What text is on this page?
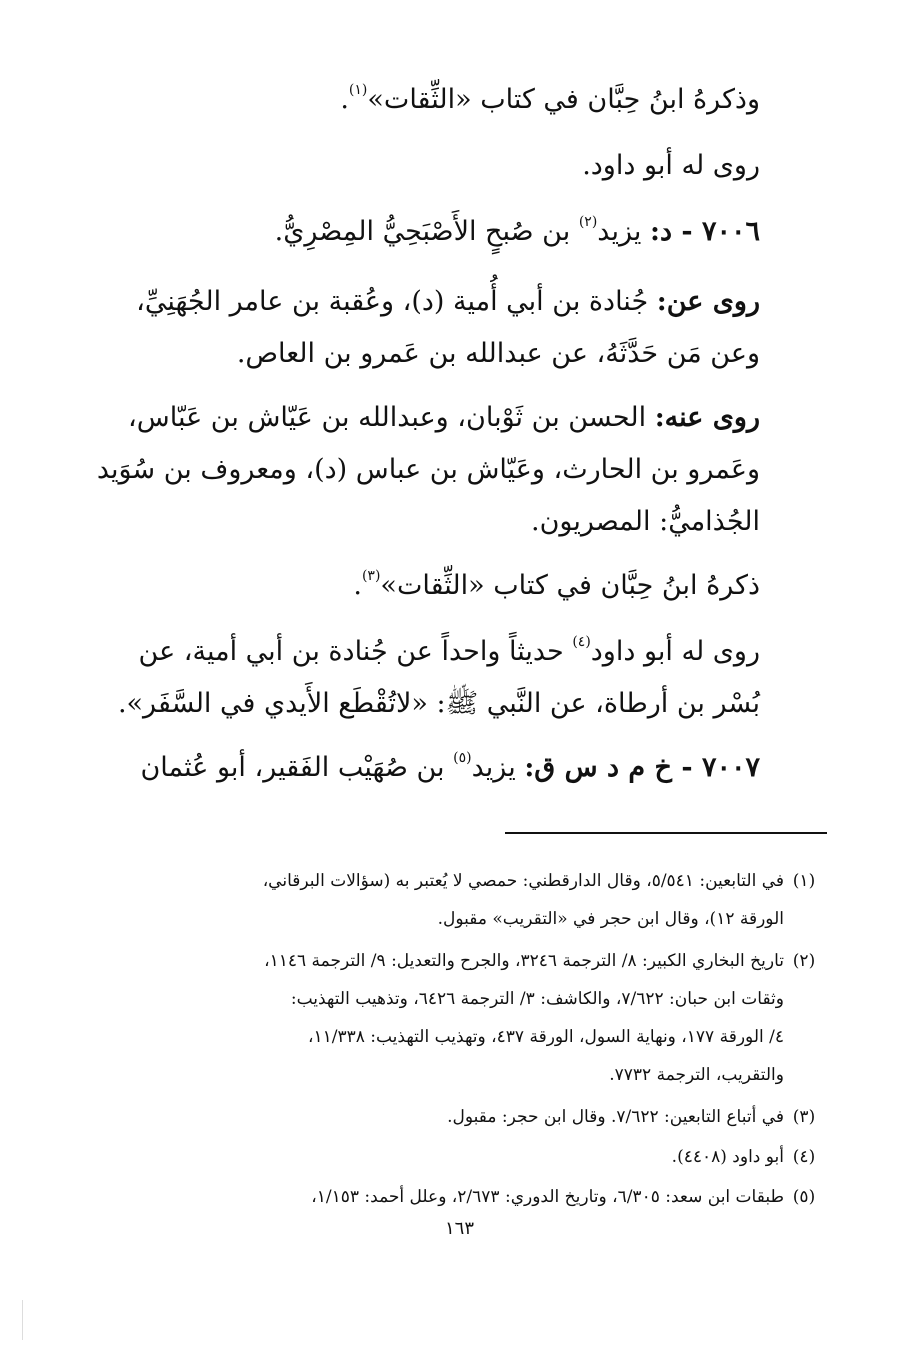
وذكرهُ ابنُ حِبَّان في كتاب «الثِّقات»$^{(١)}$.
روى له أبو داود.
٧٠٠٦ - د: يزيد$^{(٢)}$ بن صُبحٍ الأَصْبَحِيُّ المِصْرِيُّ.
روى عن: جُنادة بن أبي أُمية (د)، وعُقبة بن عامر الجُهَنِيِّ،
وعن مَن حَدَّثَهُ، عن عبدالله بن عَمرو بن العاص.
روى عنه: الحسن بن ثَوْبان، وعبدالله بن عَيّاش بن عَبّاس،
وعَمرو بن الحارث، وعَيّاش بن عباس (د)، ومعروف بن سُوَيد
الجُذاميُّ: المصريون.
ذكرهُ ابنُ حِبَّان في كتاب «الثِّقات»$^{(٣)}$.
روى له أبو داود$^{(٤)}$ حديثاً واحداً عن جُنادة بن أبي أمية، عن
بُسْر بن أرطاة، عن النَّبي ﷺ: «لاتُقْطَع الأَيدي في السَّفَر».
٧٠٠٧ - خ م د س ق: يزيد$^{(٥)}$ بن صُهَيْب الفَقير، أبو عُثمان
(١)
في التابعين: ٥/٥٤١، وقال الدارقطني: حمصي لا يُعتبر به (سؤالات البرقاني،
الورقة ١٢)، وقال ابن حجر في «التقريب» مقبول.
(٢)
تاريخ البخاري الكبير: ٨/ الترجمة ٣٢٤٦، والجرح والتعديل: ٩/ الترجمة ١١٤٦،
وثقات ابن حبان: ٧/٦٢٢، والكاشف: ٣/ الترجمة ٦٤٢٦، وتذهيب التهذيب:
٤/ الورقة ١٧٧، ونهاية السول، الورقة ٤٣٧، وتهذيب التهذيب: ١١/٣٣٨،
والتقريب، الترجمة ٧٧٣٢.
(٣)
في أتباع التابعين: ٧/٦٢٢. وقال ابن حجر: مقبول.
(٤)
أبو داود (٤٤٠٨).
(٥)
طبقات ابن سعد: ٦/٣٠٥، وتاريخ الدوري: ٢/٦٧٣، وعلل أحمد: ١/١٥٣،
١٦٣
